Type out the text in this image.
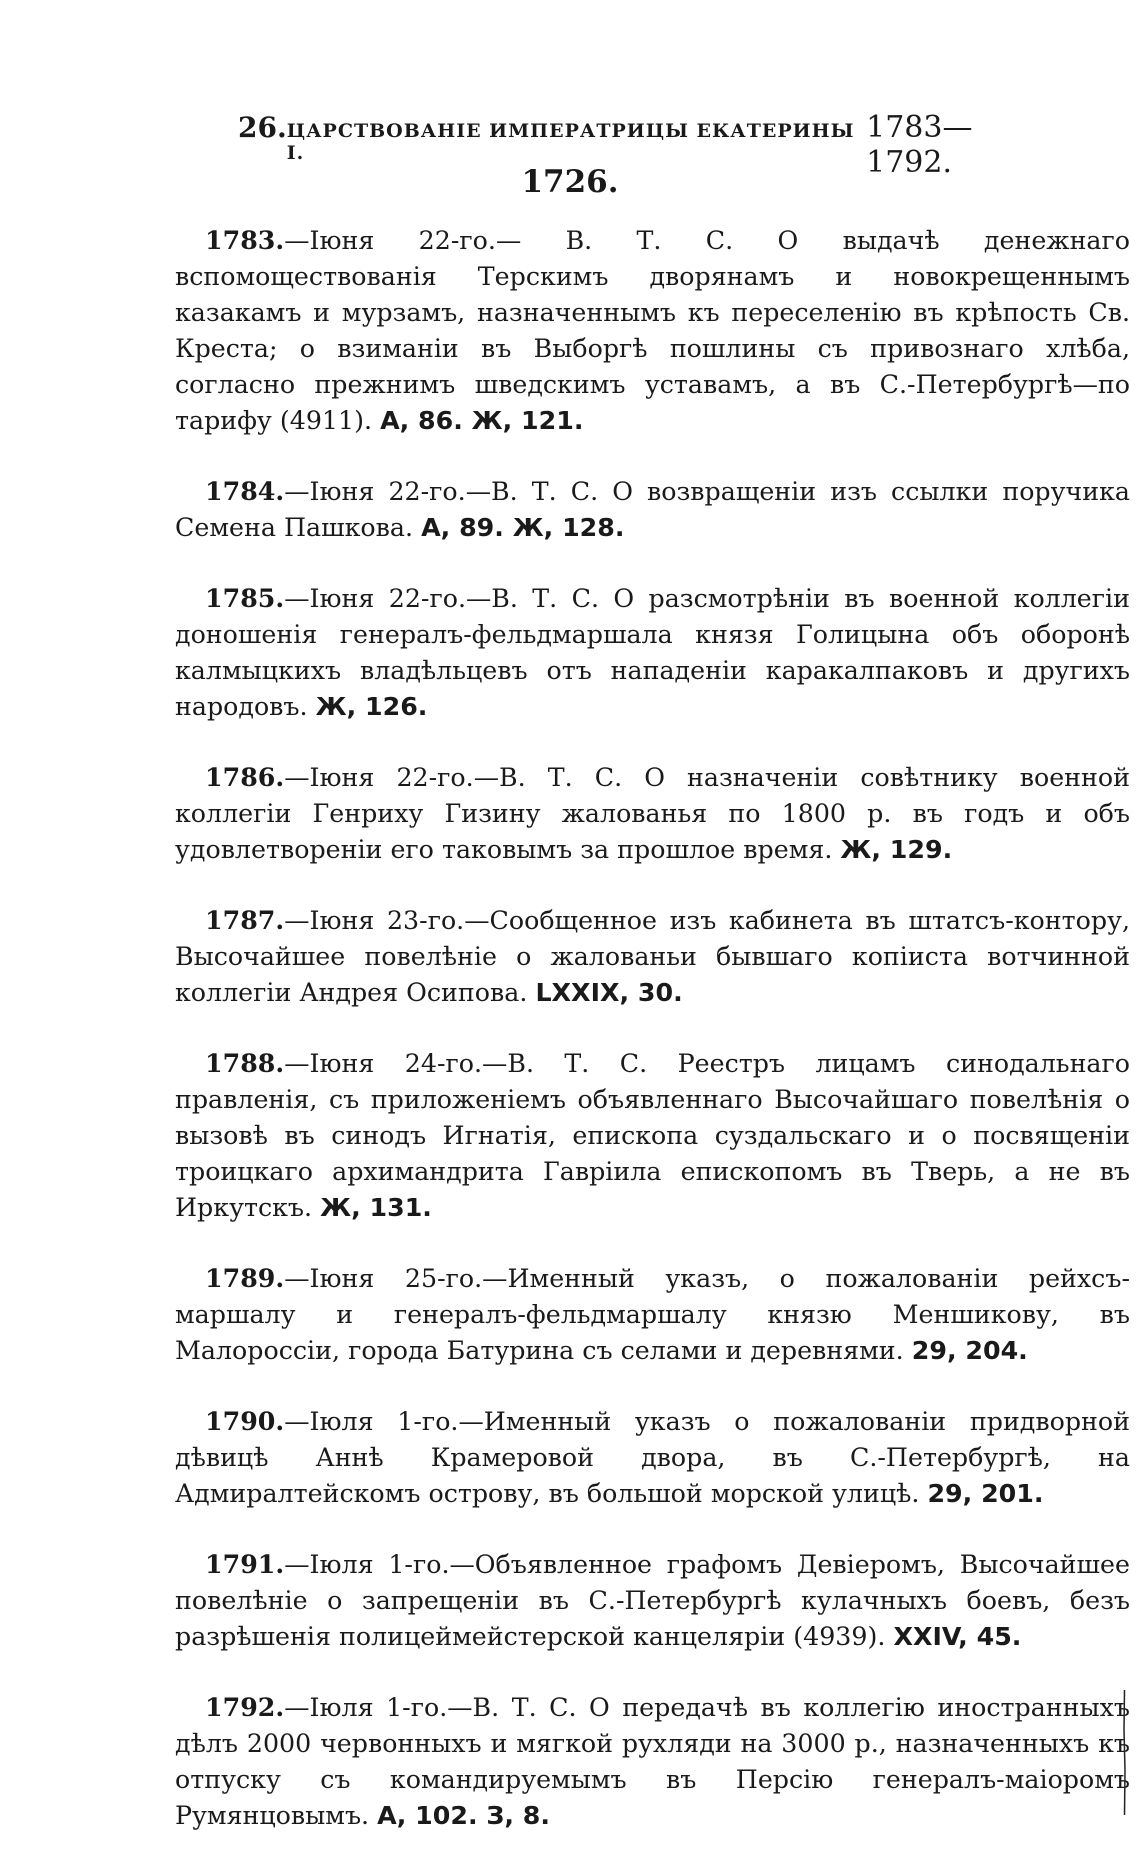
26. ЦАРСТВОВАНІЕ ИМПЕРАТРИЦЫ ЕКАТЕРИНЫ I.
1783—1792.
1726.

1783.—Іюня 22-го.— В. Т. С. О выдачѣ денежнаго вспомоществованія Терскимъ дворянамъ и новокрещеннымъ казакамъ и мурзамъ, назначеннымъ къ переселенію въ крѣпость Св. Креста; о взиманіи въ Выборгѣ пошлины съ привознаго хлѣба, согласно прежнимъ шведскимъ уставамъ, а въ С.-Петербургѣ—по тарифу (4911). А, 86. Ж, 121.

1784.—Іюня 22-го.—В. Т. С. О возвращеніи изъ ссылки поручика Семена Пашкова. А, 89. Ж, 128.

1785.—Іюня 22-го.—В. Т. С. О разсмотрѣніи въ военной коллегіи доношенія генералъ-фельдмаршала князя Голицына объ оборонѣ калмыцкихъ владѣльцевъ отъ нападеніи каракалпаковъ и другихъ народовъ. Ж, 126.

1786.—Іюня 22-го.—В. Т. С. О назначеніи совѣтнику военной коллегіи Генриху Гизину жалованья по 1800 р. въ годъ и объ удовлетвореніи его таковымъ за прошлое время. Ж, 129.

1787.—Іюня 23-го.—Сообщенное изъ кабинета въ штатсъ-контору, Высочайшее повелѣніе о жалованьи бывшаго копіиста вотчинной коллегіи Андрея Осипова. LXXIX, 30.

1788.—Іюня 24-го.—В. Т. С. Реестръ лицамъ синодальнаго правленія, съ приложеніемъ объявленнаго Высочайшаго повелѣнія о вызовѣ въ синодъ Игнатія, епископа суздальскаго и о посвященіи троицкаго архимандрита Гавріила епископомъ въ Тверь, а не въ Иркутскъ. Ж, 131.

1789.—Іюня 25-го.—Именный указъ, о пожалованіи рейхсъ-маршалу и генералъ-фельдмаршалу князю Меншикову, въ Малороссіи, города Батурина съ селами и деревнями. 29, 204.

1790.—Іюля 1-го.—Именный указъ о пожалованіи придворной дѣвицѣ Аннѣ Крамеровой двора, въ С.-Петербургѣ, на Адмиралтейскомъ острову, въ большой морской улицѣ. 29, 201.

1791.—Іюля 1-го.—Объявленное графомъ Девіеромъ, Высочайшее повелѣніе о запрещеніи въ С.-Петербургѣ кулачныхъ боевъ, безъ разрѣшенія полицеймейстерской канцеляріи (4939). XXIV, 45.

1792.—Іюля 1-го.—В. Т. С. О передачѣ въ коллегію иностранныхъ дѣлъ 2000 червонныхъ и мягкой рухляди на 3000 р., назначенныхъ къ отпуску съ командируемымъ въ Персію генералъ-маіоромъ Румянцовымъ. А, 102. З, 8.
